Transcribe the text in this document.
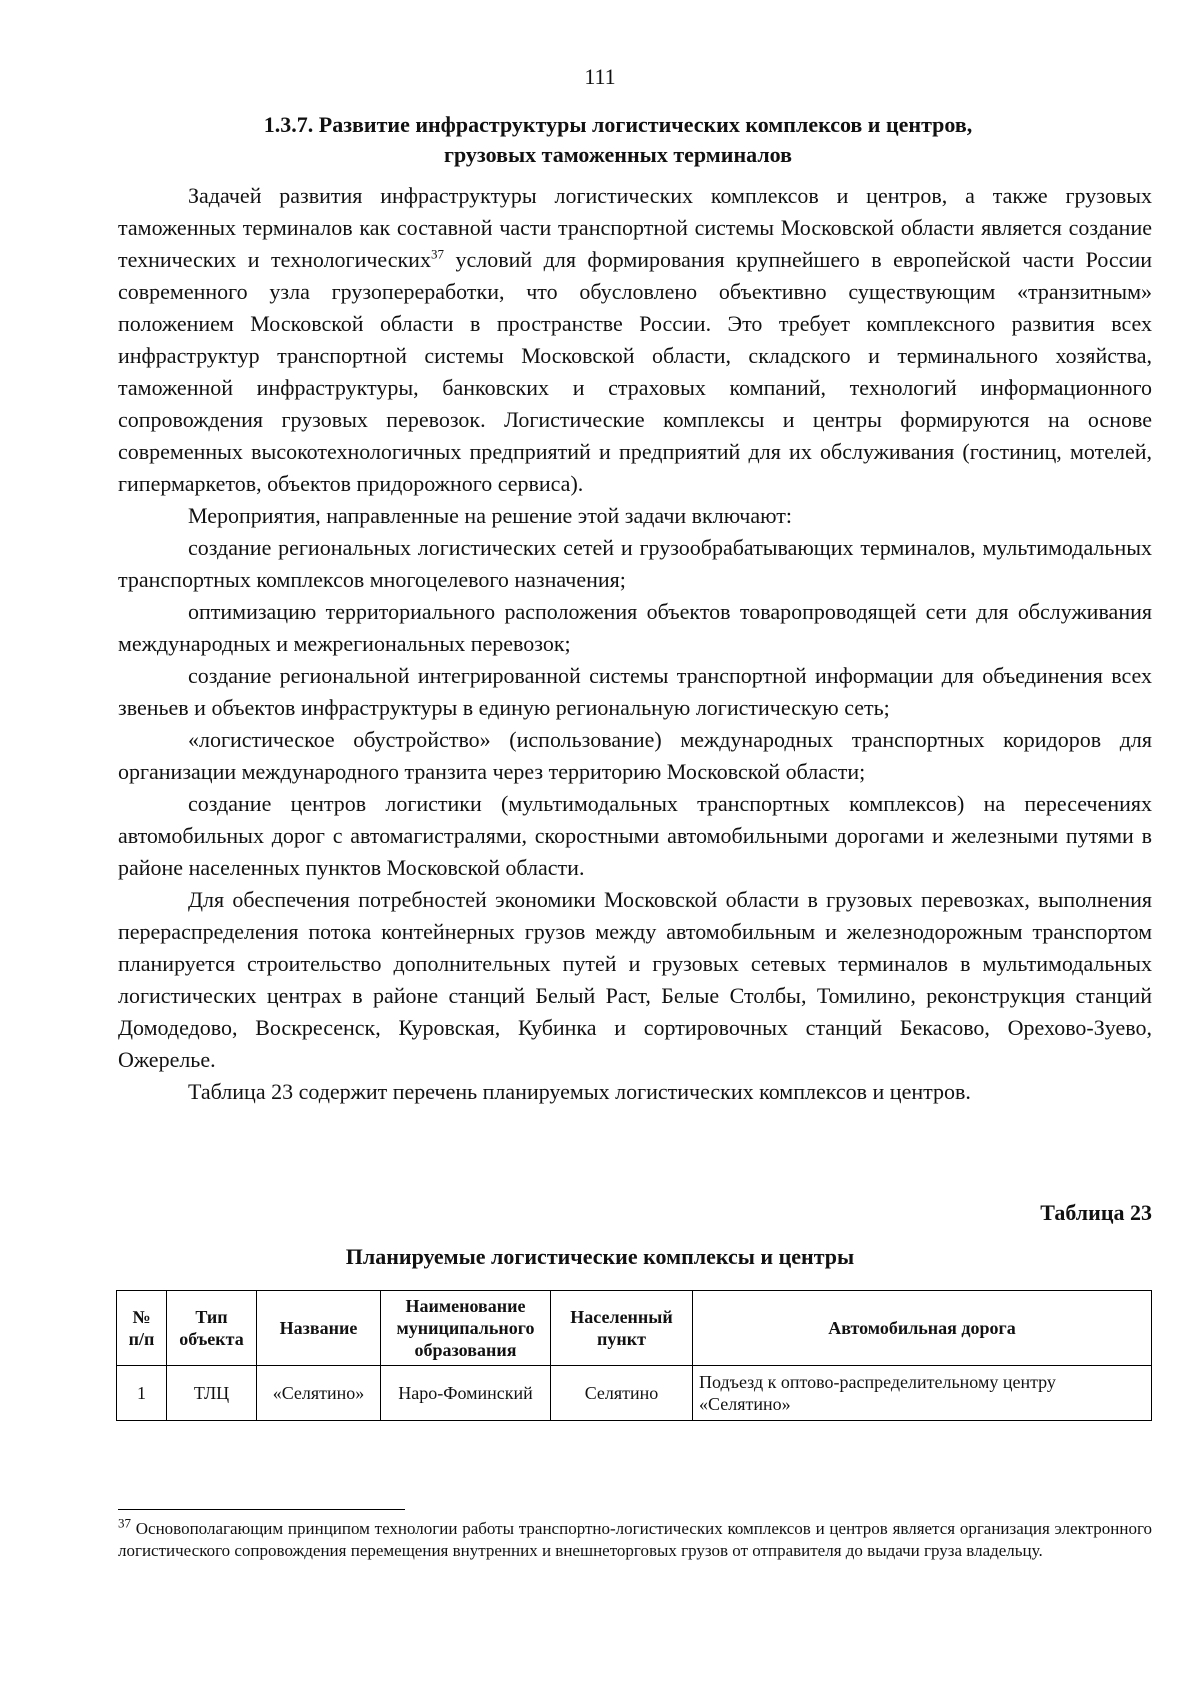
111
1.3.7. Развитие инфраструктуры логистических комплексов и центров,
грузовых таможенных терминалов

Задачей развития инфраструктуры логистических комплексов и центров, а также грузовых таможенных терминалов как составной части транспортной системы Московской области является создание технических и технологических$^{37}$ условий для формирования крупнейшего в европейской части России современного узла грузопереработки, что обусловлено объективно существующим «транзитным» положением Московской области в пространстве России. Это требует комплексного развития всех инфраструктур транспортной системы Московской области, складского и терминального хозяйства, таможенной инфраструктуры, банковских и страховых компаний, технологий информационного сопровождения грузовых перевозок. Логистические комплексы и центры формируются на основе современных высокотехнологичных предприятий и предприятий для их обслуживания (гостиниц, мотелей, гипермаркетов, объектов придорожного сервиса).

Мероприятия, направленные на решение этой задачи включают:

создание региональных логистических сетей и грузообрабатывающих терминалов, мультимодальных транспортных комплексов многоцелевого назначения;

оптимизацию территориального расположения объектов товаропроводящей сети для обслуживания международных и межрегиональных перевозок;

создание региональной интегрированной системы транспортной информации для объединения всех звеньев и объектов инфраструктуры в единую региональную логистическую сеть;

«логистическое обустройство» (использование) международных транспортных коридоров для организации международного транзита через территорию Московской области;

создание центров логистики (мультимодальных транспортных комплексов) на пересечениях автомобильных дорог с автомагистралями, скоростными автомобильными дорогами и железными путями в районе населенных пунктов Московской области.

Для обеспечения потребностей экономики Московской области в грузовых перевозках, выполнения перераспределения потока контейнерных грузов между автомобильным и железнодорожным транспортом планируется строительство дополнительных путей и грузовых сетевых терминалов в мультимодальных логистических центрах в районе станций Белый Раст, Белые Столбы, Томилино, реконструкция станций Домодедово, Воскресенск, Куровская, Кубинка и сортировочных станций Бекасово, Орехово-Зуево, Ожерелье.

Таблица 23 содержит перечень планируемых логистических комплексов и центров.

Таблица 23
Планируемые логистические комплексы и центры
№ п/п	Тип объекта	Название	Наименование муниципального образования	Населенный пункт	Автомобильная дорога
1	ТЛЦ	«Селятино»	Наро-Фоминский	Селятино	Подъезд к оптово-распределительному центру «Селятино»
$^{37}$ Основополагающим принципом технологии работы транспортно-логистических комплексов и центров является организация электронного логистического сопровождения перемещения внутренних и внешнеторговых грузов от отправителя до выдачи груза владельцу.
